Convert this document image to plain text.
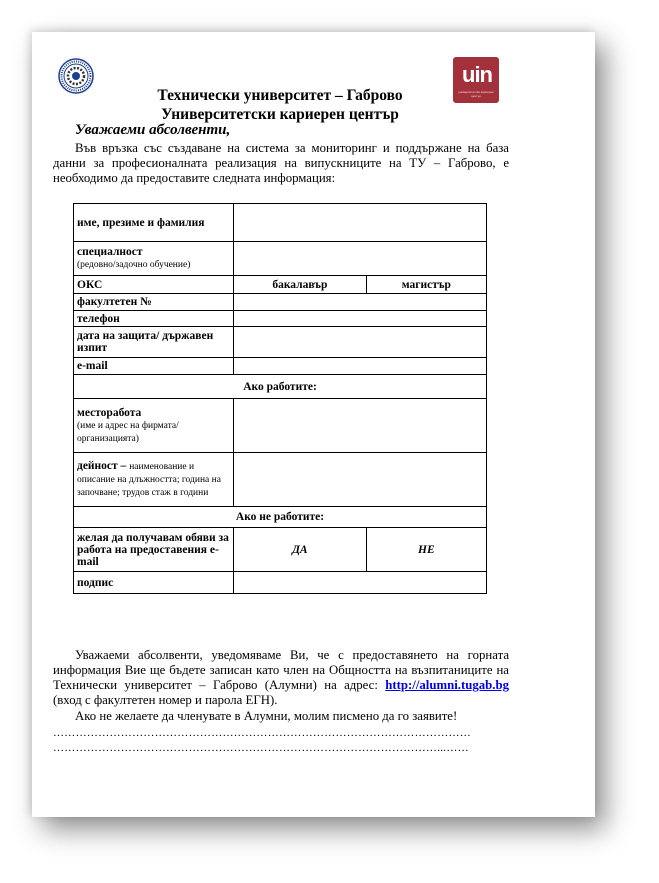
Технически университет – Габрово
Университетски кариерен център
uin
университетски кариерен център
Уважаеми абсолвенти,
Във връзка със създаване на система за мониторинг и поддържане на база данни за професионалната реализация на випускниците на ТУ – Габрово, е необходимо да предоставите следната информация:
име, презиме и фамилия		
специалност
(редовно/задочно обучение)		
ОКС	бакалавър	магистър
факултетен №		
телефон		
дата на защита/ държавен изпит		
e-mail		
Ако работите:		
месторабота
(име и адрес на фирмата/организацията)		
дейност – наименование и описание на длъжността; година на започване; трудов стаж в години		
Ако не работите:		
желая да получавам обяви за работа на предоставения e-mail	ДА	НЕ
подпис		
Уважаеми абсолвенти, уведомяваме Ви, че с предоставянето на горната информация Вие ще бъдете записан като член на Общността на възпитаниците на Технически университет – Габрово (Алумни) на адрес: http://alumni.tugab.bg (вход с факултетен номер и парола ЕГН).
Ако не желаете да членувате в Алумни, молим писмено да го заявите!
…………………………………………………………………………………………………
…………………………………………………………………………………………...……
